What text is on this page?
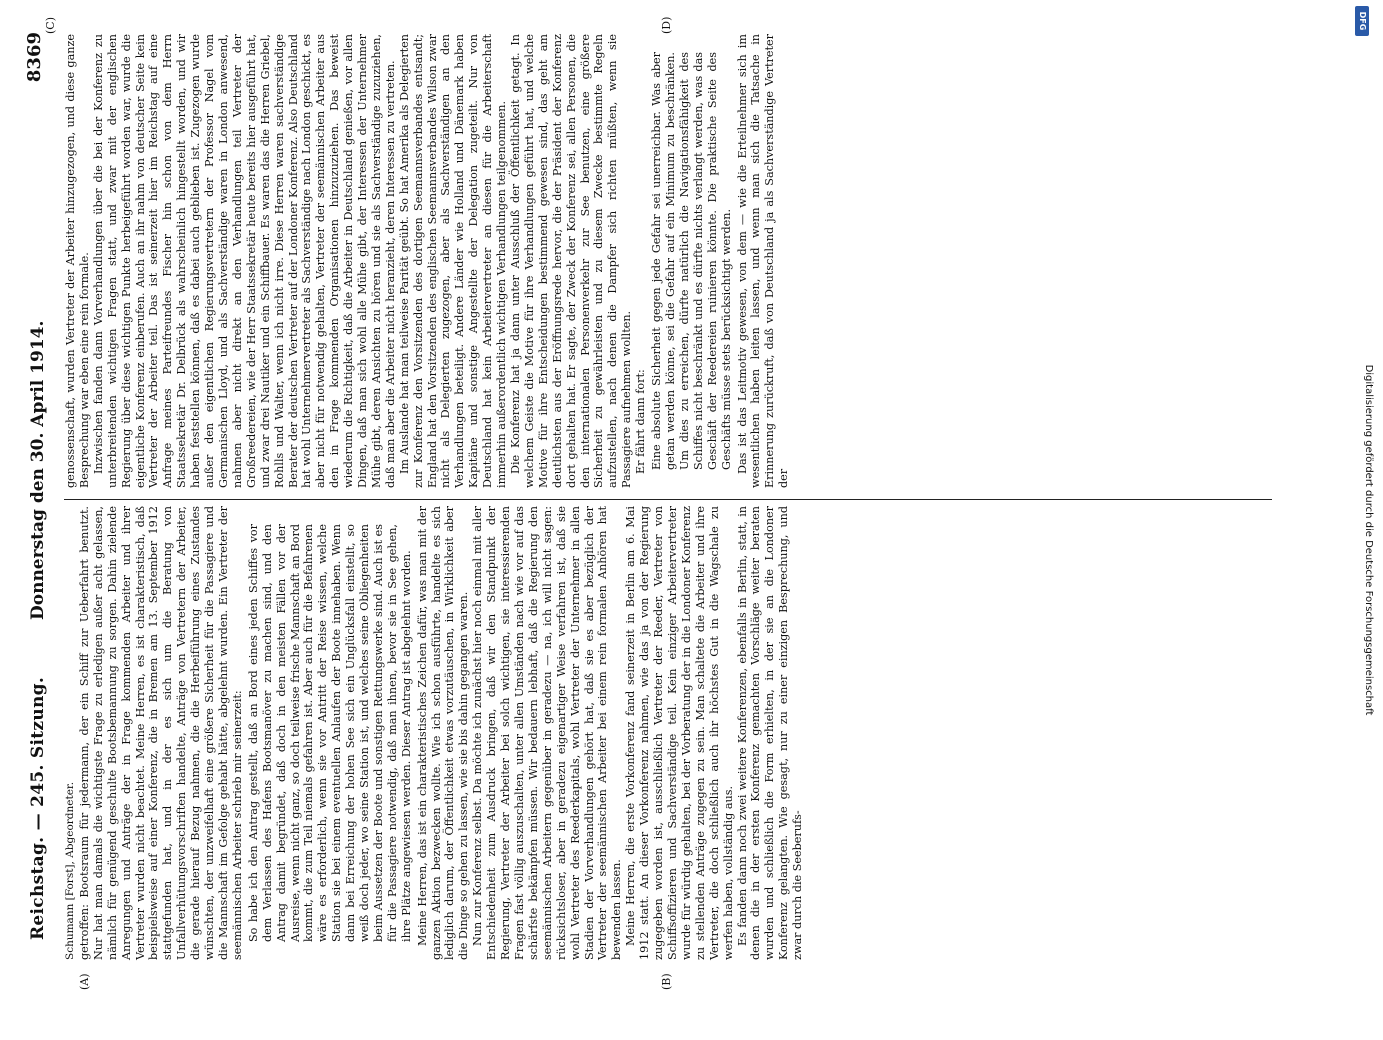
Reichstag. — 245. Sitzung.
Donnerstag den 30. April 1914.
8369
(A)	(B)
(C)	(D)

Schumann [Forst], Abgeordneter. getroffen: Bootsraum für jedermann, der ein Schiff zur Ueberfahrt benutzt. Nur hat man damals die wichtigste Frage zu erledigen außer acht gelassen, nämlich für genügend geschulte Bootsbemannung zu sorgen. Dahin zielende Anregungen und Anträge der in Frage kommenden Arbeiter und ihrer Vertreter wurden nicht beachtet. Meine Herren, es ist charakteristisch, daß beispielsweise auf einer Konferenz, die in Bremen am 13. September 1912 stattgefunden hat, und in der es sich um die Beratung von Unfallverhütungsvorschriften handelte, Anträge von Vertretern der Arbeiter, die gerade hierauf Bezug nahmen, die die Herbeiführung eines Zustandes wünschten, der unzweifelhaft eine größere Sicherheit für die Passagiere und die Mannschaft im Gefolge gehabt hätte, abgelehnt wurden. Ein Vertreter der seemännischen Arbeiter schrieb mir seinerzeit: So habe ich den Antrag gestellt, daß an Bord eines jeden Schiffes vor dem Verlassen des Hafens Bootsmanöver zu machen sind, und den Antrag damit begründet, daß doch in den meisten Fällen vor der Ausreise, wenn nicht ganz, so doch teilweise frische Mannschaft an Bord kommt, die zum Teil niemals gefahren ist. Aber auch für die Befahrenen wäre es erforderlich, wenn sie vor Antritt der Reise wissen, welche Station sie bei einem eventuellen Anlaufen der Boote innehaben. Wenn dann bei Erreichung der hohen See sich ein Unglücksfall einstellt, so weiß doch jeder, wo seine Station ist, und welches seine Obliegenheiten beim Aussetzen der Boote und sonstigen Rettungswerke sind. Auch ist es für die Passagiere notwendig, daß man ihnen, bevor sie in See gehen, ihre Plätze angewiesen werden. Dieser Antrag ist abgelehnt worden. Meine Herren, das ist ein charakteristisches Zeichen dafür, was man mit der ganzen Aktion bezwecken wollte. Wie ich schon ausführte, handelte es sich lediglich darum, der Öffentlichkeit etwas vorzutäuschen, in Wirklichkeit aber die Dinge so gehen zu lassen, wie sie bis dahin gegangen waren. Nun zur Konferenz selbst. Da möchte ich zunächst hier noch einmal mit aller Entschiedenheit zum Ausdruck bringen, daß wir den Standpunkt der Regierung, Vertreter der Arbeiter bei solch wichtigen, sie interessierenden Fragen fast völlig auszuschalten, unter allen Umständen nach wie vor auf das schärfste bekämpfen müssen. Wir bedauern lebhaft, daß die Regierung den seemännischen Arbeitern gegenüber in geradezu — na, ich will nicht sagen: rücksichtsloser, aber in geradezu eigenartiger Weise verfahren ist, daß sie wohl Vertreter des Reederkapitals, wohl Vertreter der Unternehmer in allen Stadien der Vorverhandlungen gehört hat, daß sie es aber bezüglich der Vertreter der seemännischen Arbeiter bei einem rein formalen Anhören hat bewenden lassen. Meine Herren, die erste Vorkonferenz fand seinerzeit in Berlin am 6. Mai 1912 statt. An dieser Vorkonferenz nahmen, wie das ja von der Regierung zugegeben worden ist, ausschließlich Vertreter der Reeder, Vertreter von Schiffsoffizieren und Sachverständige teil. Kein einziger Arbeitervertreter wurde für würdig gehalten, bei der Vorberatung der in die Londoner Konferenz zu stellenden Anträge zugegen zu sein. Man schaltete die Arbeiter und ihre Vertreter, die doch schließlich auch ihr höchstes Gut in die Wagschale zu werfen haben, vollständig aus. Es fanden dann noch zwei weitere Konferenzen, ebenfalls in Berlin, statt, in denen die in der ersten Konferenz gemachten Vorschläge weiter beraten wurden und schließlich die Form erhielten, in der sie an die Londoner Konferenz gelangten. Wie gesagt, nur zu einer einzigen Besprechung, und zwar durch die Seeberufs-

genossenschaft, wurden Vertreter der Arbeiter hinzugezogen, und diese ganze Besprechung war eben eine rein formale. Inzwischen fanden dann Vorverhandlungen über die bei der Konferenz zu unterbreitenden wichtigen Fragen statt, und zwar mit der englischen Regierung über diese wichtigen Punkte herbeigeführt worden war, wurde die eigentliche Konferenz einberufen. Auch an ihr nahm von deutscher Seite kein Vertreter der Arbeiter teil. Das ist seinerzeit hier im Reichstag auf eine Anfrage meines Parteifreundes Fischer hin schon von dem Herrn Staatssekretär Dr. Delbrück als wahrscheinlich hingestellt worden, und wir haben feststellen können, daß es dabei auch geblieben ist. Zugezogen wurde außer den eigentlichen Regierungsvertretern der Professor Nagel vom Germanischen Lloyd, und als Sachverständige waren in London anwesend, nahmen aber nicht direkt an den Verhandlungen teil Vertreter der Großreedereien, wie der Herr Staatssekretär heute bereits hier ausgeführt hat, und zwar drei Nautiker und ein Schiffbauer. Es waren das die Herren Griebel, Rohlls und Walter, wenn ich nicht irre. Diese Herren waren sachverständige Berater der deutschen Vertreter auf der Londoner Konferenz. Also Deutschland hat wohl Unternehmervertreter als Sachverständige nach London geschickt, es aber nicht für notwendig gehalten, Vertreter der seemännischen Arbeiter aus den in Frage kommenden Organisationen hinzuzuziehen. Das beweist wiederum die Richtigkeit, daß die Arbeiter in Deutschland genießen, vor allen Dingen, daß man sich wohl alle Mühe gibt, der Interessen der Unternehmer Mühe gibt, deren Ansichten zu hören und sie als Sachverständige zuzuziehen, daß man aber die Arbeiter nicht heranzieht, deren Interessen zu vertreten. Im Auslande hat man teilweise Parität geübt. So hat Amerika als Delegierten zur Konferenz den Vorsitzenden des dortigen Seemannsverbandes entsandt; England hat den Vorsitzenden des englischen Seemannsverbandes Wilson zwar nicht als Delegierten zugezogen, aber als Sachverständigen an den Verhandlungen beteiligt. Andere Länder wie Holland und Dänemark haben Kapitäne und sonstige Angestellte der Delegation zugeteilt. Nur von Deutschland hat kein Arbeitervertreter an diesen für die Arbeiterschaft immerhin außerordentlich wichtigen Verhandlungen teilgenommen. Die Konferenz hat ja dann unter Ausschluß der Öffentlichkeit getagt. In welchem Geiste die Motive für ihre Verhandlungen geführt hat, und welche Motive für ihre Entscheidungen bestimmend gewesen sind, das geht am deutlichsten aus der Eröffnungsrede hervor, die der Präsident der Konferenz dort gehalten hat. Er sagte, der Zweck der Konferenz sei, allen Personen, die den internationalen Personenverkehr zur See benutzen, eine größere Sicherheit zu gewährleisten und zu diesem Zwecke bestimmte Regeln aufzustellen, nach denen die Dampfer sich richten müßten, wenn sie Passagiere aufnehmen wollten. Er fährt dann fort: Eine absolute Sicherheit gegen jede Gefahr sei unerreichbar. Was aber getan werden könne, sei die Gefahr auf ein Minimum zu beschränken. Um dies zu erreichen, dürfte natürlich die Navigationsfähigkeit des Schiffes nicht beschränkt und es dürfte nichts verlangt werden, was das Geschäft der Reedereien ruinieren könnte. Die praktische Seite des Geschäfts müsse stets berücksichtigt werden. Das ist das Leitmotiv gewesen, von dem — wie die Erteilnehmer sich im wesentlichen haben leiten lassen, und wenn man sich die Tatsache in Erinnerung zurückruft, daß von Deutschland ja als Sachverständige Vertreter der

DFG
Digitalisierung gefördert durch die Deutsche Forschungsgemeinschaft
